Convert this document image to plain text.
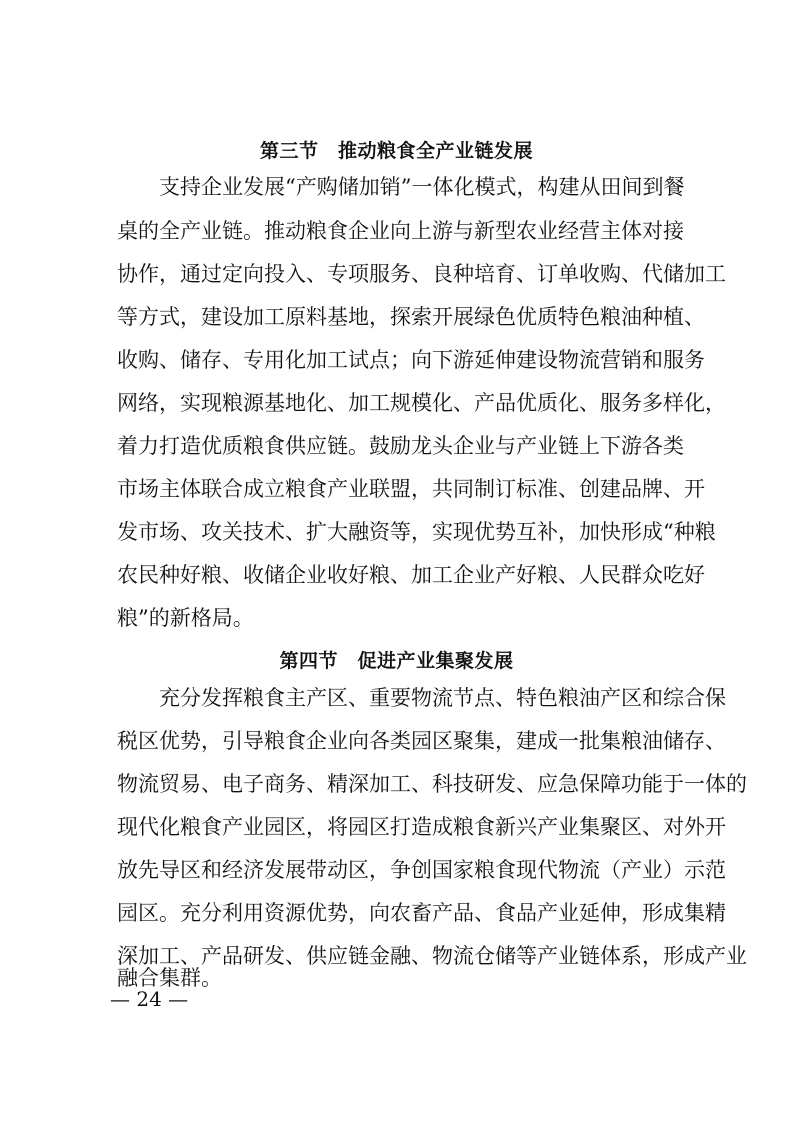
第三节　推动粮食全产业链发展
支持企业发展“产购储加销”一体化模式，构建从田间到餐
桌的全产业链。推动粮食企业向上游与新型农业经营主体对接
协作，通过定向投入、专项服务、良种培育、订单收购、代储加工
等方式，建设加工原料基地，探索开展绿色优质特色粮油种植、
收购、储存、专用化加工试点；向下游延伸建设物流营销和服务
网络，实现粮源基地化、加工规模化、产品优质化、服务多样化，
着力打造优质粮食供应链。鼓励龙头企业与产业链上下游各类
市场主体联合成立粮食产业联盟，共同制订标准、创建品牌、开
发市场、攻关技术、扩大融资等，实现优势互补，加快形成“种粮
农民种好粮、收储企业收好粮、加工企业产好粮、人民群众吃好
粮”的新格局。
第四节　促进产业集聚发展
充分发挥粮食主产区、重要物流节点、特色粮油产区和综合保
税区优势，引导粮食企业向各类园区聚集，建成一批集粮油储存、
物流贸易、电子商务、精深加工、科技研发、应急保障功能于一体的
现代化粮食产业园区，将园区打造成粮食新兴产业集聚区、对外开
放先导区和经济发展带动区，争创国家粮食现代物流（产业）示范
园区。充分利用资源优势，向农畜产品、食品产业延伸，形成集精
深加工、产品研发、供应链金融、物流仓储等产业链体系，形成产业
融合集群。
— 24 —
